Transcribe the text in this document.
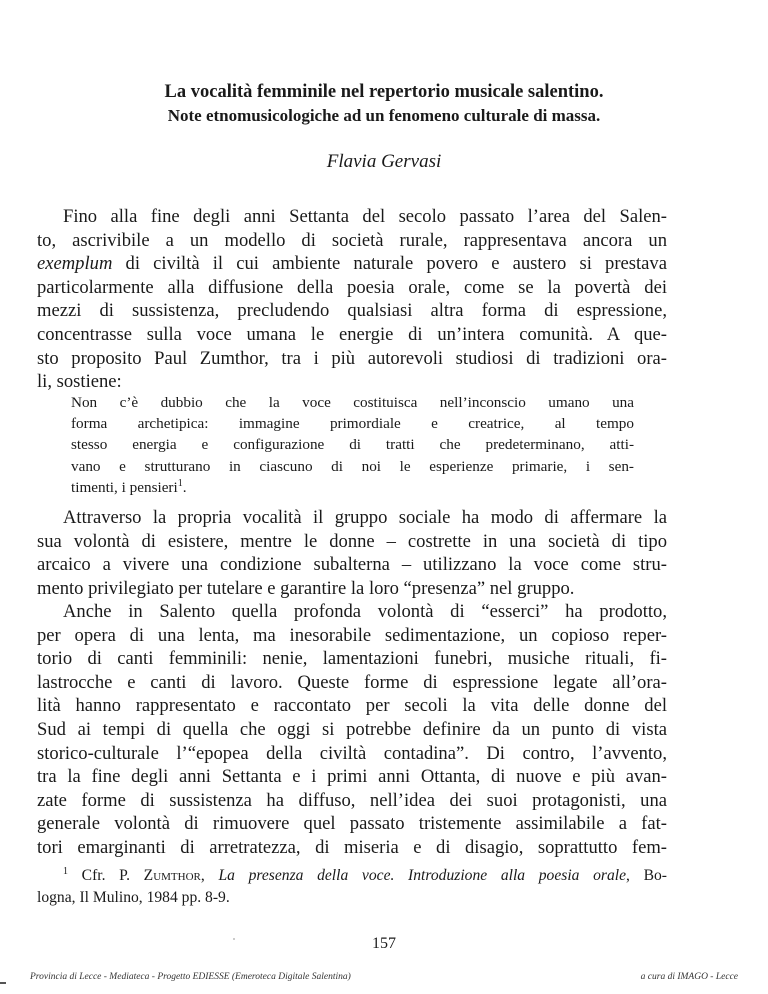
La vocalità femminile nel repertorio musicale salentino.
Note etnomusicologiche ad un fenomeno culturale di massa.
Flavia Gervasi
Fino alla fine degli anni Settanta del secolo passato l’area del Salen-
to, ascrivibile a un modello di società rurale, rappresentava ancora un
exemplum di civiltà il cui ambiente naturale povero e austero si prestava
particolarmente alla diffusione della poesia orale, come se la povertà dei
mezzi di sussistenza, precludendo qualsiasi altra forma di espressione,
concentrasse sulla voce umana le energie di un’intera comunità. A que-
sto proposito Paul Zumthor, tra i più autorevoli studiosi di tradizioni ora-
li, sostiene:
Non c’è dubbio che la voce costituisca nell’inconscio umano una
forma archetipica: immagine primordiale e creatrice, al tempo
stesso energia e configurazione di tratti che predeterminano, atti-
vano e strutturano in ciascuno di noi le esperienze primarie, i sen-
timenti, i pensieri$^1$.
Attraverso la propria vocalità il gruppo sociale ha modo di affermare la
sua volontà di esistere, mentre le donne – costrette in una società di tipo
arcaico a vivere una condizione subalterna – utilizzano la voce come stru-
mento privilegiato per tutelare e garantire la loro “presenza” nel gruppo.
Anche in Salento quella profonda volontà di “esserci” ha prodotto,
per opera di una lenta, ma inesorabile sedimentazione, un copioso reper-
torio di canti femminili: nenie, lamentazioni funebri, musiche rituali, fi-
lastrocche e canti di lavoro. Queste forme di espressione legate all’ora-
lità hanno rappresentato e raccontato per secoli la vita delle donne del
Sud ai tempi di quella che oggi si potrebbe definire da un punto di vista
storico-culturale l’“epopea della civiltà contadina”. Di contro, l’avvento,
tra la fine degli anni Settanta e i primi anni Ottanta, di nuove e più avan-
zate forme di sussistenza ha diffuso, nell’idea dei suoi protagonisti, una
generale volontà di rimuovere quel passato tristemente assimilabile a fat-
tori emarginanti di arretratezza, di miseria e di disagio, soprattutto fem-
$^1$ Cfr. P. Zumthor, La presenza della voce. Introduzione alla poesia orale, Bo-
logna, Il Mulino, 1984 pp. 8-9.
157
Provincia di Lecce - Mediateca - Progetto EDIESSE (Emeroteca Digitale Salentina)	a cura di IMAGO - Lecce
